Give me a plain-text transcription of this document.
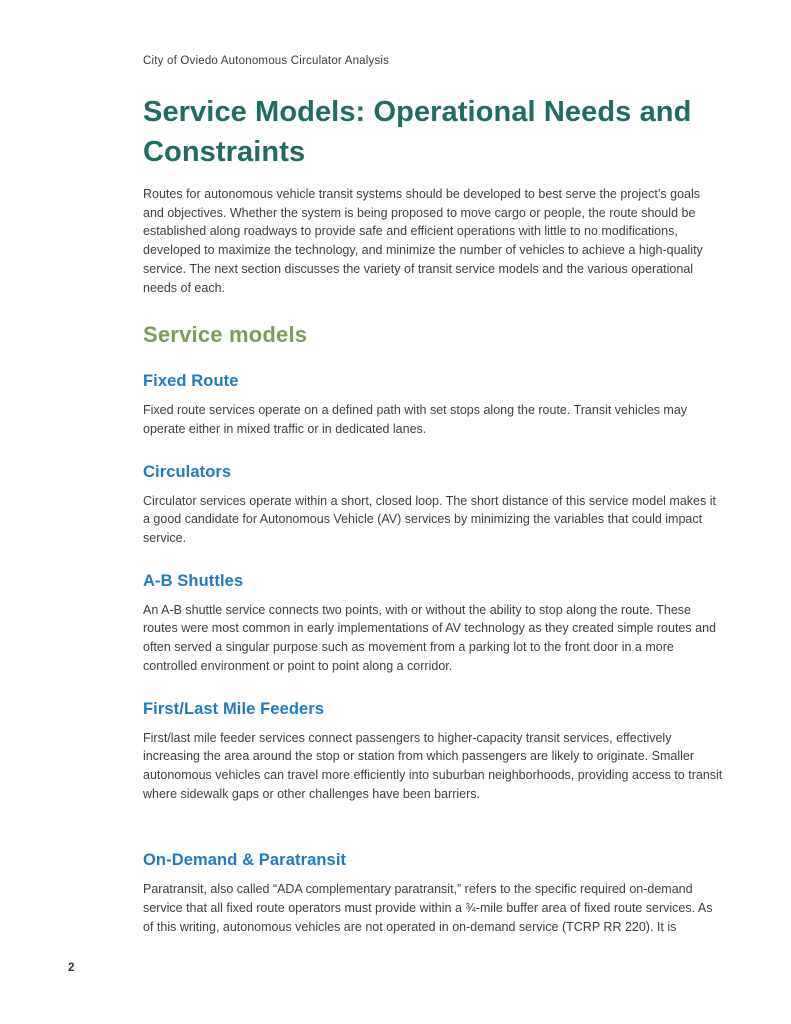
City of Oviedo Autonomous Circulator Analysis
Service Models: Operational Needs and Constraints

Routes for autonomous vehicle transit systems should be developed to best serve the project’s goals and objectives. Whether the system is being proposed to move cargo or people, the route should be established along roadways to provide safe and efficient operations with little to no modifications, developed to maximize the technology, and minimize the number of vehicles to achieve a high-quality service. The next section discusses the variety of transit service models and the various operational needs of each.

Service models
Fixed Route

Fixed route services operate on a defined path with set stops along the route. Transit vehicles may operate either in mixed traffic or in dedicated lanes.

Circulators

Circulator services operate within a short, closed loop. The short distance of this service model makes it a good candidate for Autonomous Vehicle (AV) services by minimizing the variables that could impact service.

A-B Shuttles

An A-B shuttle service connects two points, with or without the ability to stop along the route. These routes were most common in early implementations of AV technology as they created simple routes and often served a singular purpose such as movement from a parking lot to the front door in a more controlled environment or point to point along a corridor.

First/Last Mile Feeders

First/last mile feeder services connect passengers to higher-capacity transit services, effectively increasing the area around the stop or station from which passengers are likely to originate. Smaller autonomous vehicles can travel more efficiently into suburban neighborhoods, providing access to transit where sidewalk gaps or other challenges have been barriers.

On-Demand & Paratransit

Paratransit, also called “ADA complementary paratransit,” refers to the specific required on-demand service that all fixed route operators must provide within a ¾-mile buffer area of fixed route services. As of this writing, autonomous vehicles are not operated in on-demand service (TCRP RR 220). It is

2
